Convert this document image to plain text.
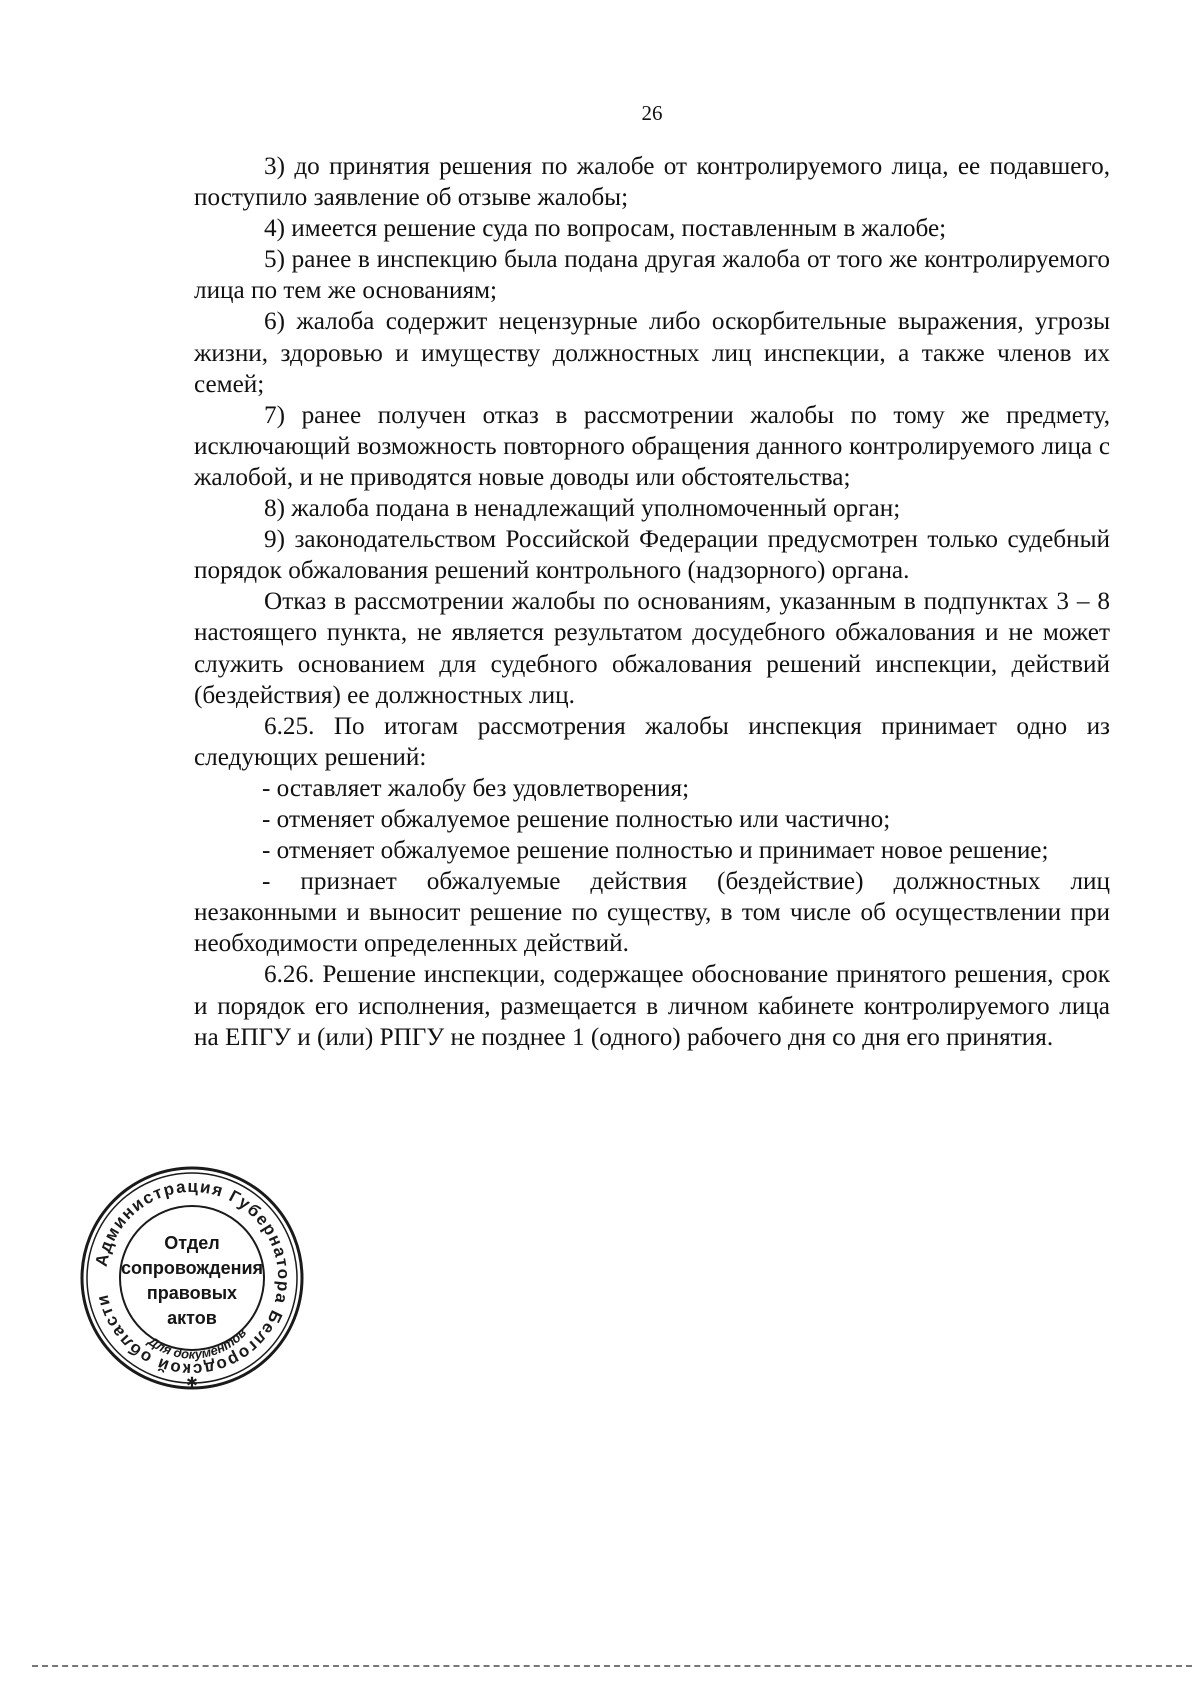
26

3) до принятия решения по жалобе от контролируемого лица, ее подавшего, поступило заявление об отзыве жалобы;

4) имеется решение суда по вопросам, поставленным в жалобе;

5) ранее в инспекцию была подана другая жалоба от того же контролируемого лица по тем же основаниям;

6) жалоба содержит нецензурные либо оскорбительные выражения, угрозы жизни, здоровью и имуществу должностных лиц инспекции, а также членов их семей;

7) ранее получен отказ в рассмотрении жалобы по тому же предмету, исключающий возможность повторного обращения данного контролируемого лица с жалобой, и не приводятся новые доводы или обстоятельства;

8) жалоба подана в ненадлежащий уполномоченный орган;

9) законодательством Российской Федерации предусмотрен только судебный порядок обжалования решений контрольного (надзорного) органа.

Отказ в рассмотрении жалобы по основаниям, указанным в подпунктах 3 – 8 настоящего пункта, не является результатом досудебного обжалования и не может служить основанием для судебного обжалования решений инспекции, действий (бездействия) ее должностных лиц.

6.25. По итогам рассмотрения жалобы инспекция принимает одно из следующих решений:

- оставляет жалобу без удовлетворения;

- отменяет обжалуемое решение полностью или частично;

- отменяет обжалуемое решение полностью и принимает новое решение;

- признает обжалуемые действия (бездействие) должностных лиц незаконными и выносит решение по существу, в том числе об осуществлении при необходимости определенных действий.

6.26. Решение инспекции, содержащее обоснование принятого решения, срок и порядок его исполнения, размещается в личном кабинете контролируемого лица на ЕПГУ и (или) РПГУ не позднее 1 (одного) рабочего дня со дня его принятия.

Администрация Губернатора Белгородской области
Для документов
✱
Отдел
сопровождения
правовых
актов
